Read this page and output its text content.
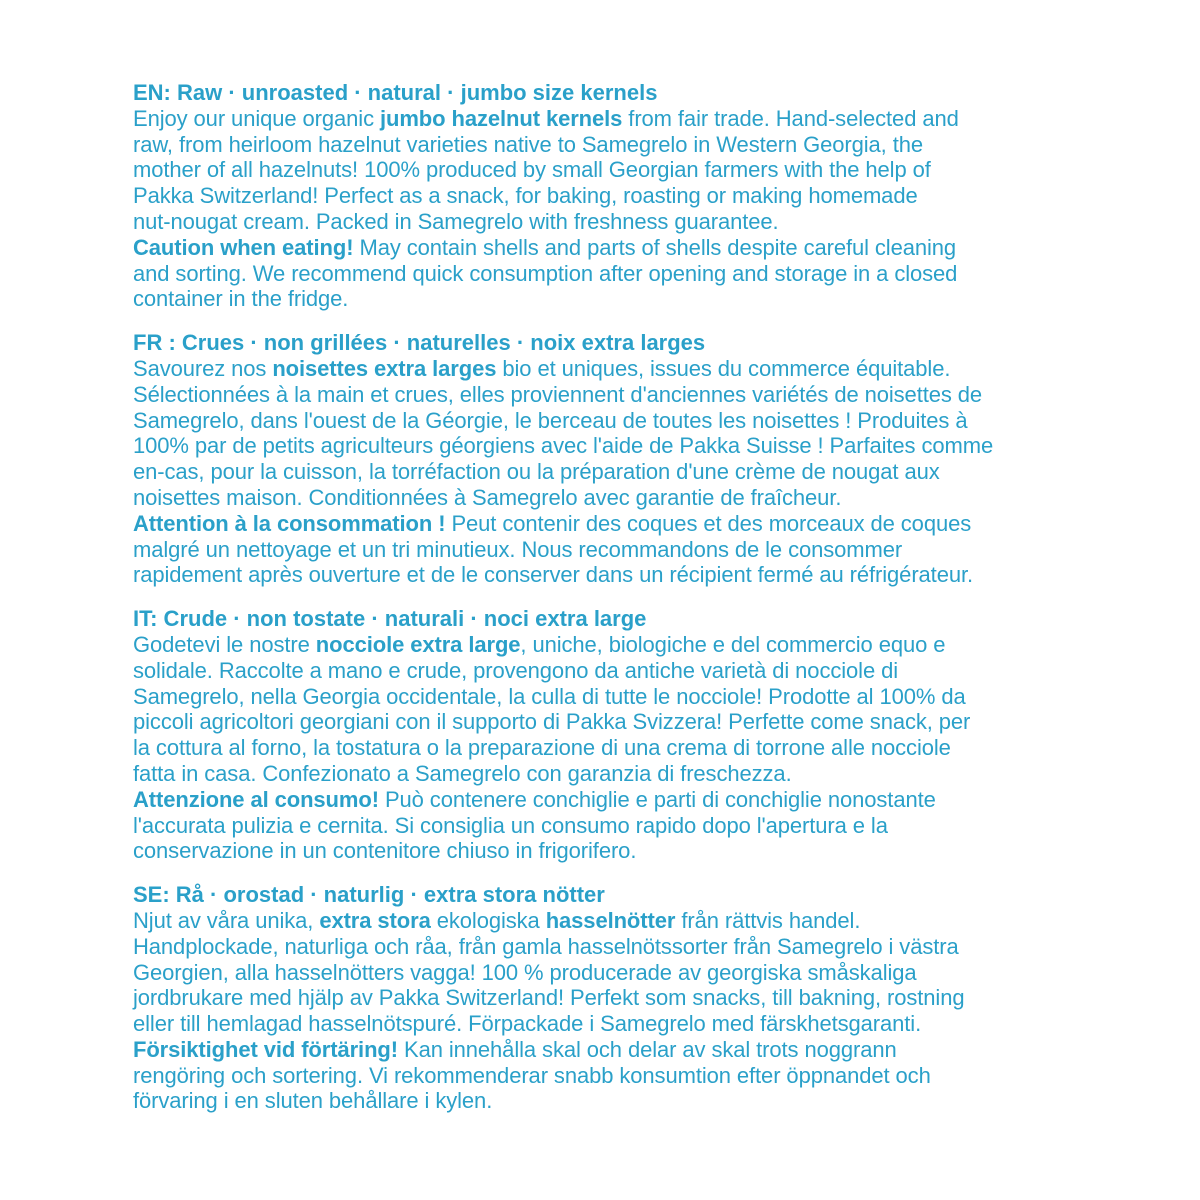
EN: Raw · unroasted · natural · jumbo size kernels
Enjoy our unique organic jumbo hazelnut kernels from fair trade. Hand-selected and
raw, from heirloom hazelnut varieties native to Samegrelo in Western Georgia, the
mother of all hazelnuts! 100% produced by small Georgian farmers with the help of
Pakka Switzerland! Perfect as a snack, for baking, roasting or making homemade
nut-nougat cream. Packed in Samegrelo with freshness guarantee.
Caution when eating! May contain shells and parts of shells despite careful cleaning
and sorting. We recommend quick consumption after opening and storage in a closed
container in the fridge.
FR : Crues · non grillées · naturelles · noix extra larges
Savourez nos noisettes extra larges bio et uniques, issues du commerce équitable.
Sélectionnées à la main et crues, elles proviennent d'anciennes variétés de noisettes de
Samegrelo, dans l'ouest de la Géorgie, le berceau de toutes les noisettes ! Produites à
100% par de petits agriculteurs géorgiens avec l'aide de Pakka Suisse ! Parfaites comme
en-cas, pour la cuisson, la torréfaction ou la préparation d'une crème de nougat aux
noisettes maison. Conditionnées à Samegrelo avec garantie de fraîcheur.
Attention à la consommation ! Peut contenir des coques et des morceaux de coques
malgré un nettoyage et un tri minutieux. Nous recommandons de le consommer
rapidement après ouverture et de le conserver dans un récipient fermé au réfrigérateur.
IT: Crude · non tostate · naturali · noci extra large
Godetevi le nostre nocciole extra large, uniche, biologiche e del commercio equo e
solidale. Raccolte a mano e crude, provengono da antiche varietà di nocciole di
Samegrelo, nella Georgia occidentale, la culla di tutte le nocciole! Prodotte al 100% da
piccoli agricoltori georgiani con il supporto di Pakka Svizzera! Perfette come snack, per
la cottura al forno, la tostatura o la preparazione di una crema di torrone alle nocciole
fatta in casa. Confezionato a Samegrelo con garanzia di freschezza.
Attenzione al consumo! Può contenere conchiglie e parti di conchiglie nonostante
l'accurata pulizia e cernita. Si consiglia un consumo rapido dopo l'apertura e la
conservazione in un contenitore chiuso in frigorifero.
SE: Rå · orostad · naturlig · extra stora nötter
Njut av våra unika, extra stora ekologiska hasselnötter från rättvis handel.
Handplockade, naturliga och råa, från gamla hasselnötssorter från Samegrelo i västra
Georgien, alla hasselnötters vagga! 100 % producerade av georgiska småskaliga
jordbrukare med hjälp av Pakka Switzerland! Perfekt som snacks, till bakning, rostning
eller till hemlagad hasselnötspuré. Förpackade i Samegrelo med färskhetsgaranti.
Försiktighet vid förtäring! Kan innehålla skal och delar av skal trots noggrann
rengöring och sortering. Vi rekommenderar snabb konsumtion efter öppnandet och
förvaring i en sluten behållare i kylen.
